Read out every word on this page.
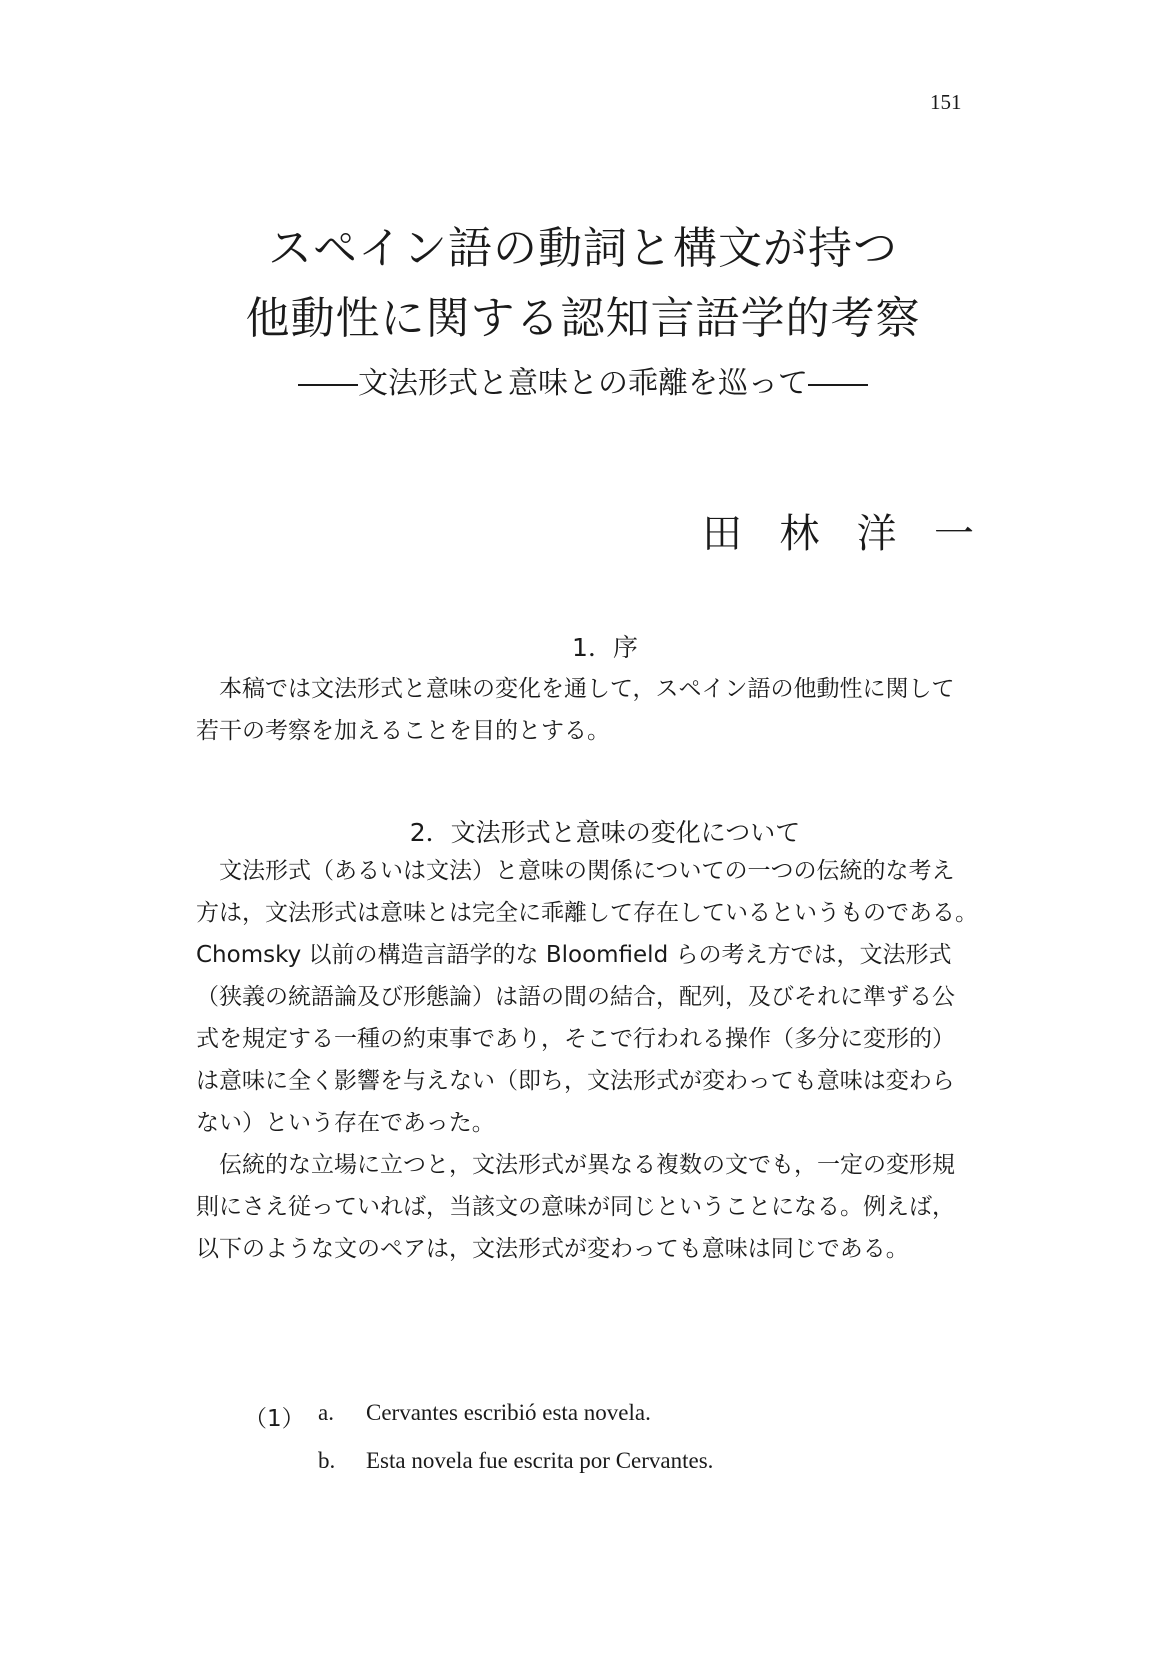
151
スペイン語の動詞と構文が持つ
他動性に関する認知言語学的考察
――文法形式と意味との乖離を巡って――
田 林 洋 一
1．序
本稿では文法形式と意味の変化を通して，スペイン語の他動性に関して
若干の考察を加えることを目的とする。
2．文法形式と意味の変化について
文法形式（あるいは文法）と意味の関係についての一つの伝統的な考え
方は，文法形式は意味とは完全に乖離して存在しているというものである。
Chomsky 以前の構造言語学的な Bloomfield らの考え方では，文法形式
（狭義の統語論及び形態論）は語の間の結合，配列，及びそれに準ずる公
式を規定する一種の約束事であり，そこで行われる操作（多分に変形的）
は意味に全く影響を与えない（即ち，文法形式が変わっても意味は変わら
ない）という存在であった。
伝統的な立場に立つと，文法形式が異なる複数の文でも，一定の変形規
則にさえ従っていれば，当該文の意味が同じということになる。例えば，
以下のような文のペアは，文法形式が変わっても意味は同じである。
（1） a. Cervantes escribió esta novela.
b. Esta novela fue escrita por Cervantes.
